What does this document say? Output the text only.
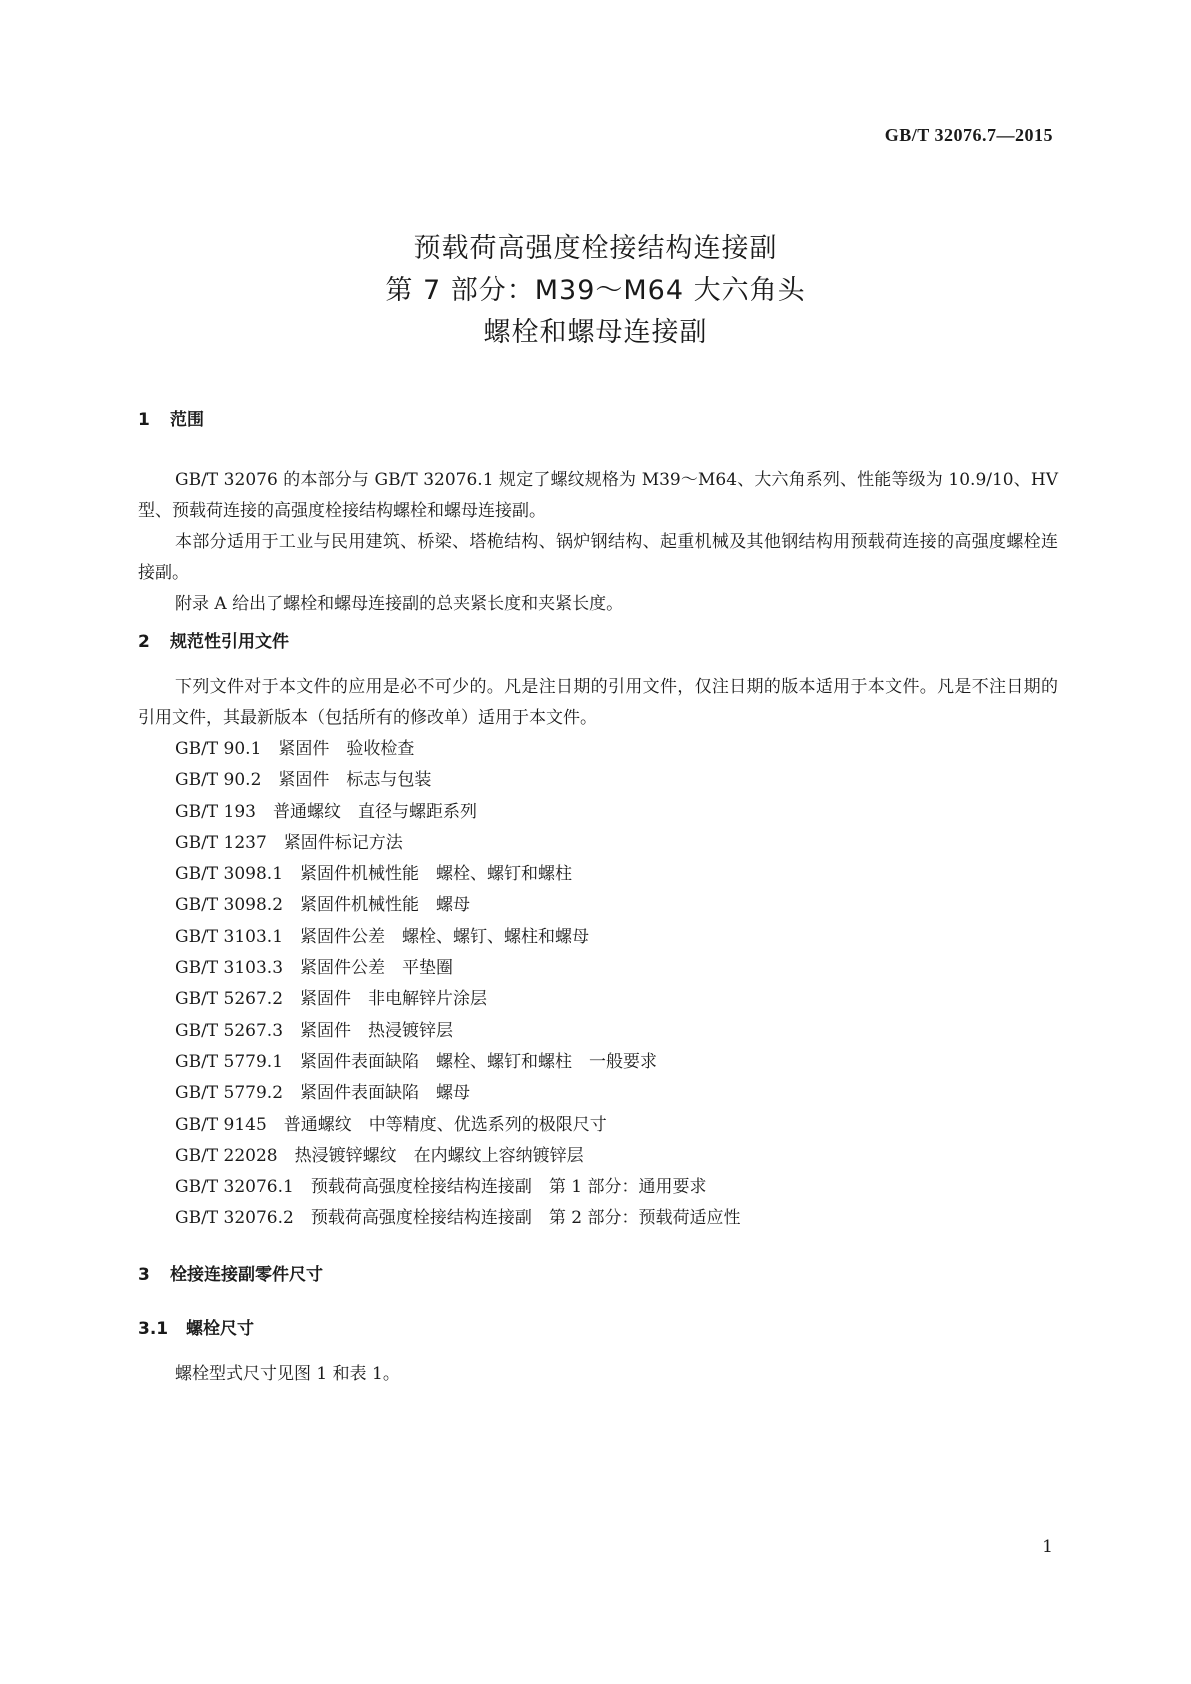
GB/T 32076.7—2015
预载荷高强度栓接结构连接副
第 7 部分：M39～M64 大六角头
螺栓和螺母连接副
1 范围
GB/T 32076 的本部分与 GB/T 32076.1 规定了螺纹规格为 M39～M64、大六角系列、性能等级为 10.9/10、HV 型、预载荷连接的高强度栓接结构螺栓和螺母连接副。
本部分适用于工业与民用建筑、桥梁、塔桅结构、锅炉钢结构、起重机械及其他钢结构用预载荷连接的高强度螺栓连接副。
附录 A 给出了螺栓和螺母连接副的总夹紧长度和夹紧长度。
2 规范性引用文件
下列文件对于本文件的应用是必不可少的。凡是注日期的引用文件，仅注日期的版本适用于本文件。凡是不注日期的引用文件，其最新版本（包括所有的修改单）适用于本文件。
GB/T 90.1　紧固件　验收检查
GB/T 90.2　紧固件　标志与包装
GB/T 193　普通螺纹　直径与螺距系列
GB/T 1237　紧固件标记方法
GB/T 3098.1　紧固件机械性能　螺栓、螺钉和螺柱
GB/T 3098.2　紧固件机械性能　螺母
GB/T 3103.1　紧固件公差　螺栓、螺钉、螺柱和螺母
GB/T 3103.3　紧固件公差　平垫圈
GB/T 5267.2　紧固件　非电解锌片涂层
GB/T 5267.3　紧固件　热浸镀锌层
GB/T 5779.1　紧固件表面缺陷　螺栓、螺钉和螺柱　一般要求
GB/T 5779.2　紧固件表面缺陷　螺母
GB/T 9145　普通螺纹　中等精度、优选系列的极限尺寸
GB/T 22028　热浸镀锌螺纹　在内螺纹上容纳镀锌层
GB/T 32076.1　预载荷高强度栓接结构连接副　第 1 部分：通用要求
GB/T 32076.2　预载荷高强度栓接结构连接副　第 2 部分：预载荷适应性
3 栓接连接副零件尺寸
3.1 螺栓尺寸
螺栓型式尺寸见图 1 和表 1。
1
